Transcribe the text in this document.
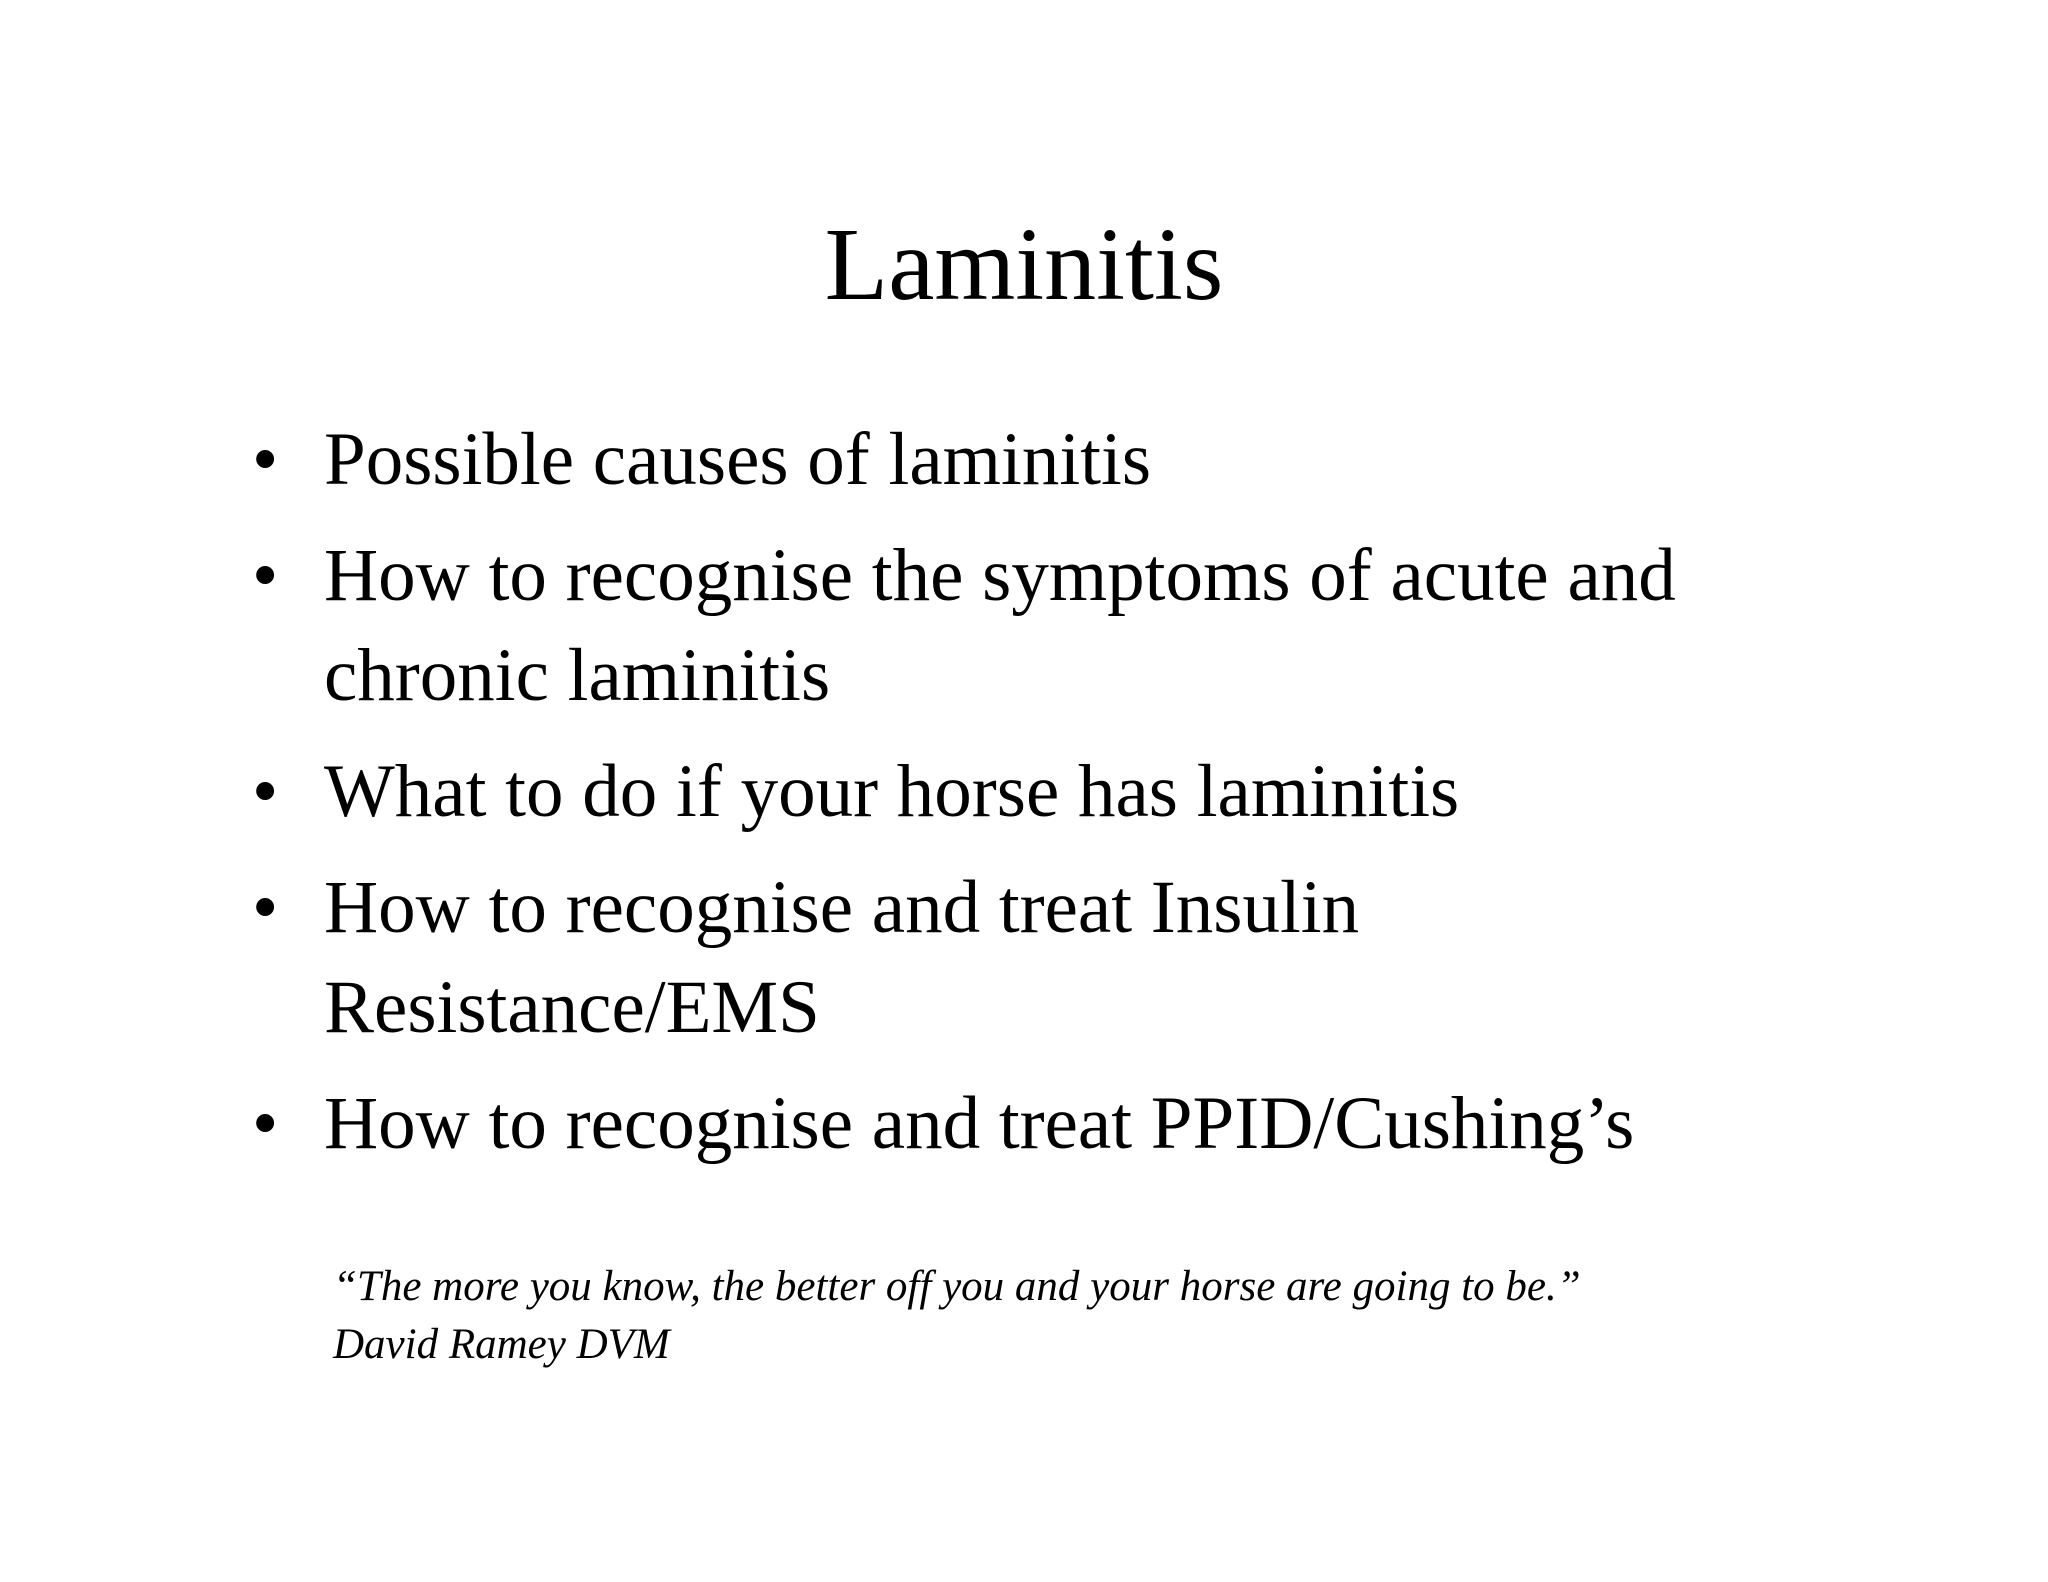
Laminitis
• Possible causes of laminitis
• How to recognise the symptoms of acute and chronic laminitis
• What to do if your horse has laminitis
• How to recognise and treat Insulin Resistance/EMS
• How to recognise and treat PPID/Cushing’s

“The more you know, the better off you and your horse are going to be.” David Ramey DVM
